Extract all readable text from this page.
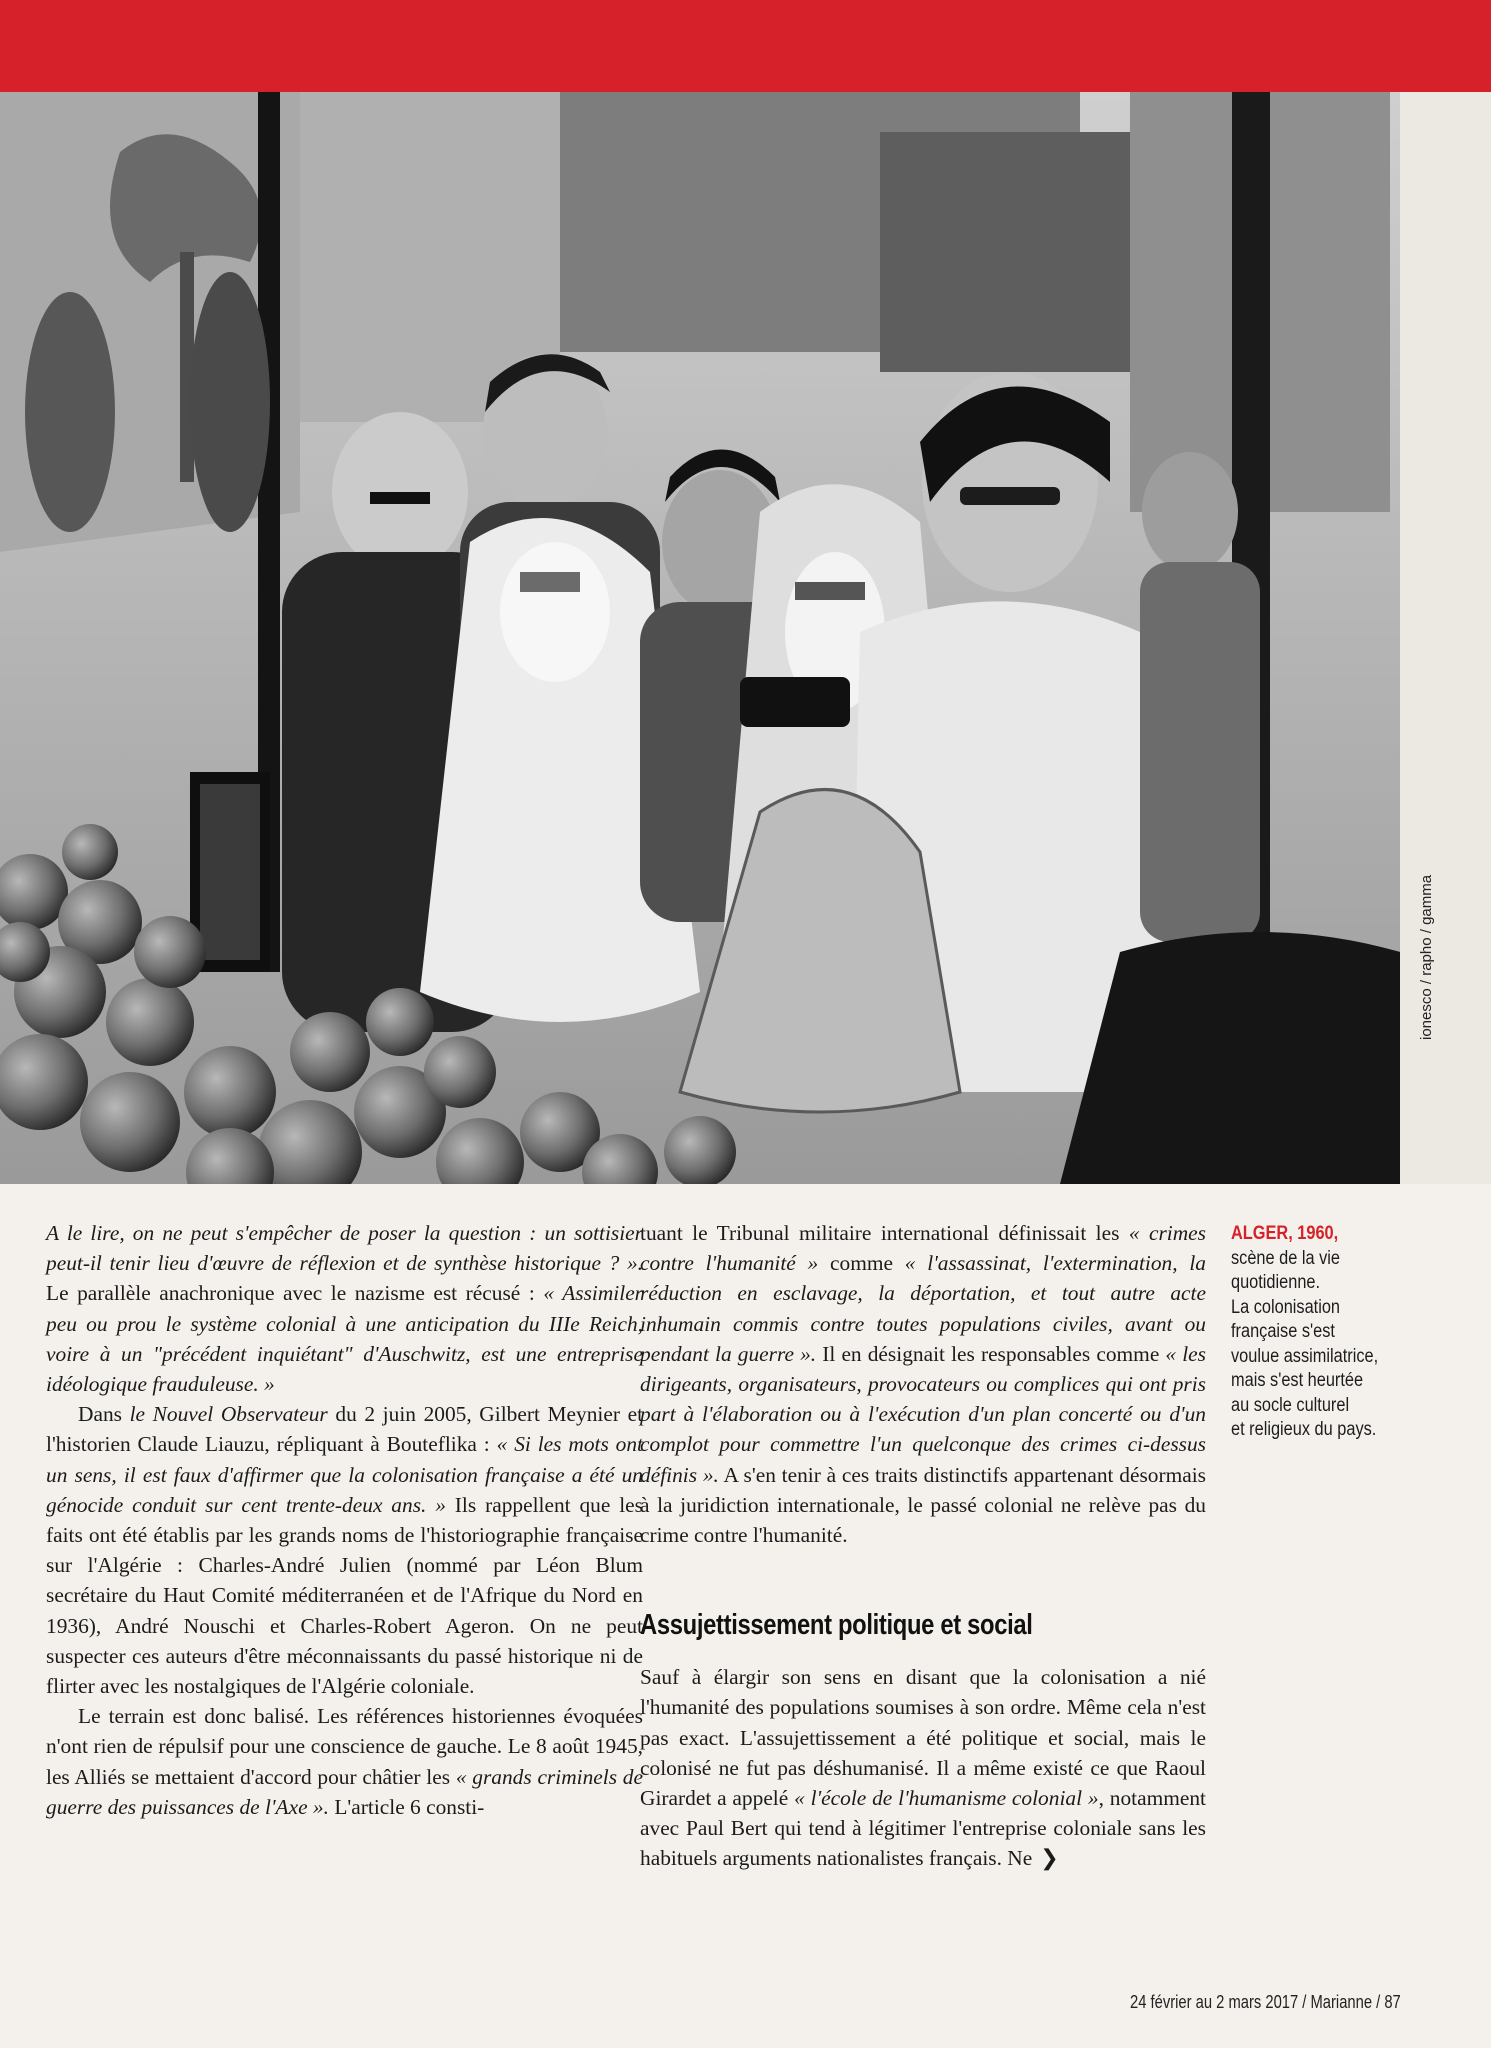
ionesco / rapho / gamma

A le lire, on ne peut s'empêcher de poser la question : un sottisier peut-il tenir lieu d'œuvre de réflexion et de synthèse historique ? ». Le parallèle anachronique avec le nazisme est récusé : « Assimiler peu ou prou le système colonial à une anticipation du IIIe Reich, voire à un "précédent inquiétant" d'Auschwitz, est une entreprise idéologique frauduleuse. »

Dans le Nouvel Observateur du 2 juin 2005, Gilbert Meynier et l'historien Claude Liauzu, répliquant à Bouteflika : « Si les mots ont un sens, il est faux d'affirmer que la colonisation française a été un génocide conduit sur cent trente-deux ans. » Ils rappellent que les faits ont été établis par les grands noms de l'historiographie française sur l'Algérie : Charles-André Julien (nommé par Léon Blum secrétaire du Haut Comité méditerranéen et de l'Afrique du Nord en 1936), André Nouschi et Charles-Robert Ageron. On ne peut suspecter ces auteurs d'être méconnaissants du passé historique ni de flirter avec les nostalgiques de l'Algérie coloniale.

Le terrain est donc balisé. Les références historiennes évoquées n'ont rien de répulsif pour une conscience de gauche. Le 8 août 1945, les Alliés se mettaient d'accord pour châtier les « grands criminels de guerre des puissances de l'Axe ». L'article 6 consti-

tuant le Tribunal militaire international définissait les « crimes contre l'humanité » comme « l'assassinat, l'extermination, la réduction en esclavage, la déportation, et tout autre acte inhumain commis contre toutes populations civiles, avant ou pendant la guerre ». Il en désignait les responsables comme « les dirigeants, organisateurs, provocateurs ou complices qui ont pris part à l'élaboration ou à l'exécution d'un plan concerté ou d'un complot pour commettre l'un quelconque des crimes ci-dessus définis ». A s'en tenir à ces traits distinctifs appartenant désormais à la juridiction internationale, le passé colonial ne relève pas du crime contre l'humanité.

Assujettissement politique et social

Sauf à élargir son sens en disant que la colonisation a nié l'humanité des populations soumises à son ordre. Même cela n'est pas exact. L'assujettissement a été politique et social, mais le colonisé ne fut pas déshumanisé. Il a même existé ce que Raoul Girardet a appelé « l'école de l'humanisme colonial », notamment avec Paul Bert qui tend à légitimer l'entreprise coloniale sans les habituels arguments nationalistes français. Ne ❯

ALGER, 1960,
scène de la vie
quotidienne.
La colonisation
française s'est
voulue assimilatrice,
mais s'est heurtée
au socle culturel
et religieux du pays.
24 février au 2 mars 2017 / Marianne / 87
